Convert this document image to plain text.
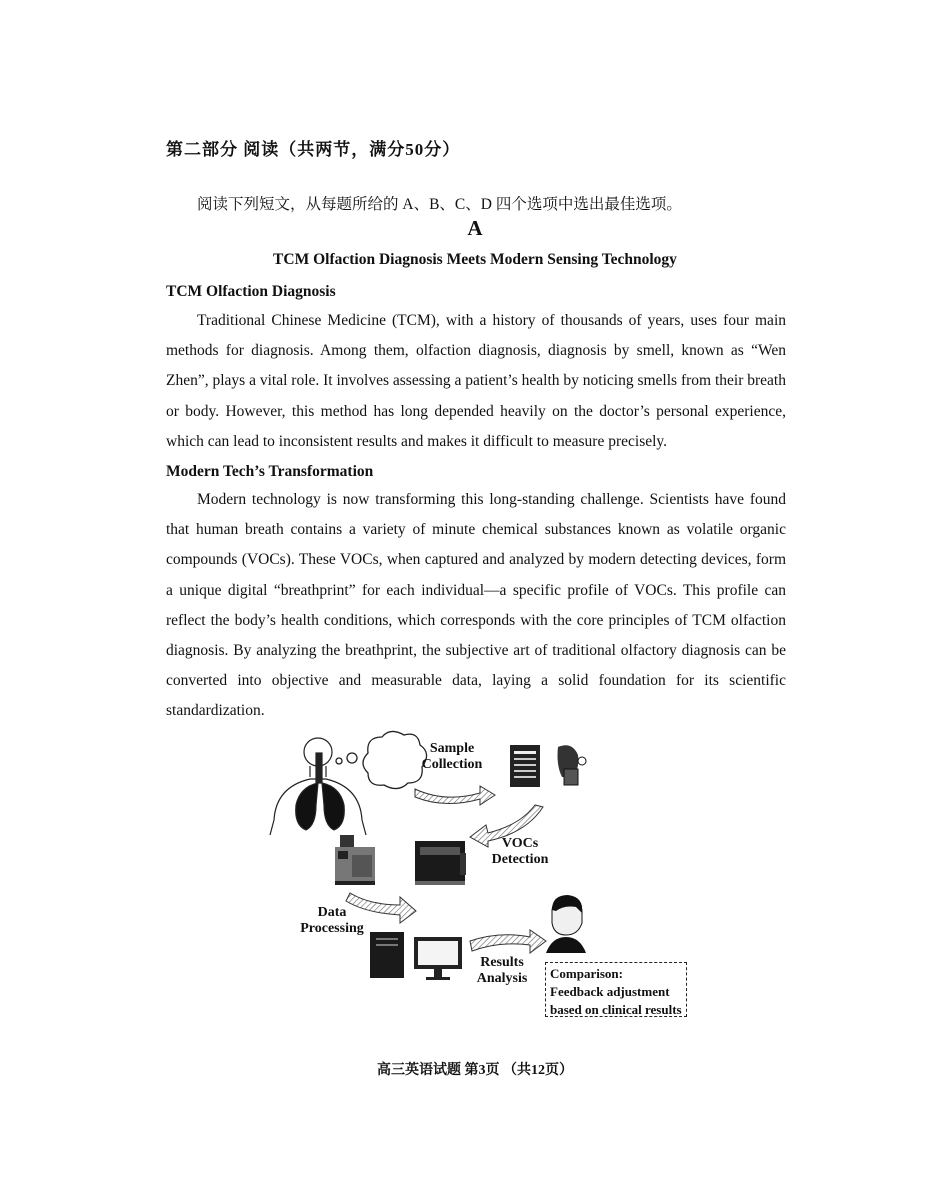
第二部分 阅读（共两节，满分50分）
阅读下列短文，从每题所给的 A、B、C、D 四个选项中选出最佳选项。
A
TCM Olfaction Diagnosis Meets Modern Sensing Technology
TCM Olfaction Diagnosis

Traditional Chinese Medicine (TCM), with a history of thousands of years, uses four main methods for diagnosis. Among them, olfaction diagnosis, diagnosis by smell, known as “Wen Zhen”, plays a vital role. It involves assessing a patient’s health by noticing smells from their breath or body. However, this method has long depended heavily on the doctor’s personal experience, which can lead to inconsistent results and makes it difficult to measure precisely.

Modern Tech’s Transformation

Modern technology is now transforming this long-standing challenge. Scientists have found that human breath contains a variety of minute chemical substances known as volatile organic compounds (VOCs). These VOCs, when captured and analyzed by modern detecting devices, form a unique digital “breathprint” for each individual—a specific profile of VOCs. This profile can reflect the body’s health conditions, which corresponds with the core principles of TCM olfaction diagnosis. By analyzing the breathprint, the subjective art of traditional olfactory diagnosis can be converted into objective and measurable data, laying a solid foundation for its scientific standardization.

Sample
Collection
VOCs
Detection
Data
Processing
Results
Analysis	Comparison:
Feedback adjustment
based on clinical results
高三英语试题 第3页 （共12页）
